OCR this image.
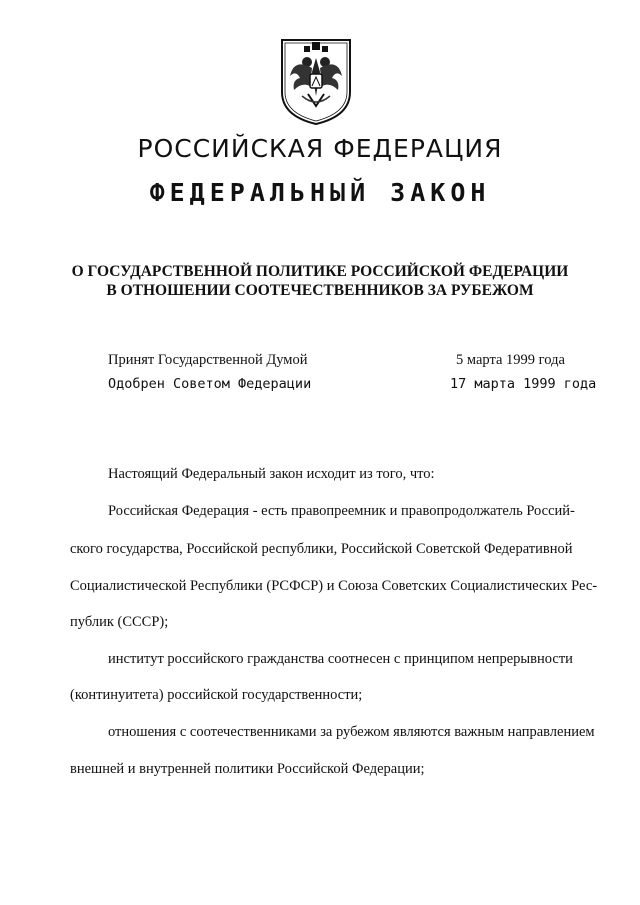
РОССИЙСКАЯ ФЕДЕРАЦИЯ
ФЕДЕРАЛЬНЫЙ ЗАКОН
О ГОСУДАРСТВЕННОЙ ПОЛИТИКЕ РОССИЙСКОЙ ФЕДЕРАЦИИ
В ОТНОШЕНИИ СООТЕЧЕСТВЕННИКОВ ЗА РУБЕЖОМ
Принят Государственной Думой	5 марта 1999 года
Одобрен Советом Федерации	17 марта 1999 года
Настоящий Федеральный закон исходит из того, что:
Российская Федерация - есть правопреемник и правопродолжатель Россий-
ского государства, Российской республики, Российской Советской Федеративной
Социалистической Республики (РСФСР) и Союза Советских Социалистических Рес-
публик (СССР);
институт российского гражданства соотнесен с принципом непрерывности
(континуитета) российской государственности;
отношения с соотечественниками за рубежом являются важным направлением
внешней и внутренней политики Российской Федерации;
